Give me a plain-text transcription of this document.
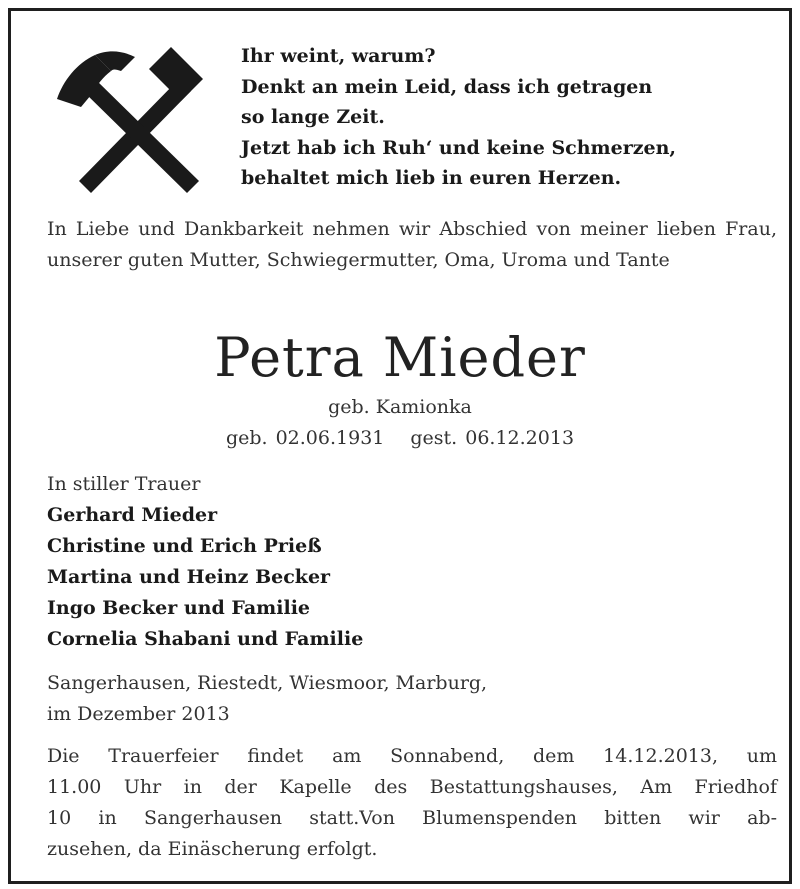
Ihr weint, warum?
Denkt an mein Leid, dass ich getragen
so lange Zeit.
Jetzt hab ich Ruh‘ und keine Schmerzen,
behaltet mich lieb in euren Herzen.
In Liebe und Dankbarkeit nehmen wir Abschied von meiner lieben Frau, unserer guten Mutter, Schwiegermutter, Oma, Uroma und Tante
Petra Mieder
geb. Kamionka
geb. 02.06.1931 gest. 06.12.2013
In stiller Trauer
Gerhard Mieder
Christine und Erich Prieß
Martina und Heinz Becker
Ingo Becker und Familie
Cornelia Shabani und Familie
Sangerhausen, Riestedt, Wiesmoor, Marburg,
im Dezember 2013
Die Trauerfeier findet am Sonnabend, dem 14.12.2013, um
11.00 Uhr in der Kapelle des Bestattungshauses, Am Friedhof
10 in Sangerhausen statt.Von Blumenspenden bitten wir ab-
zusehen, da Einäscherung erfolgt.
